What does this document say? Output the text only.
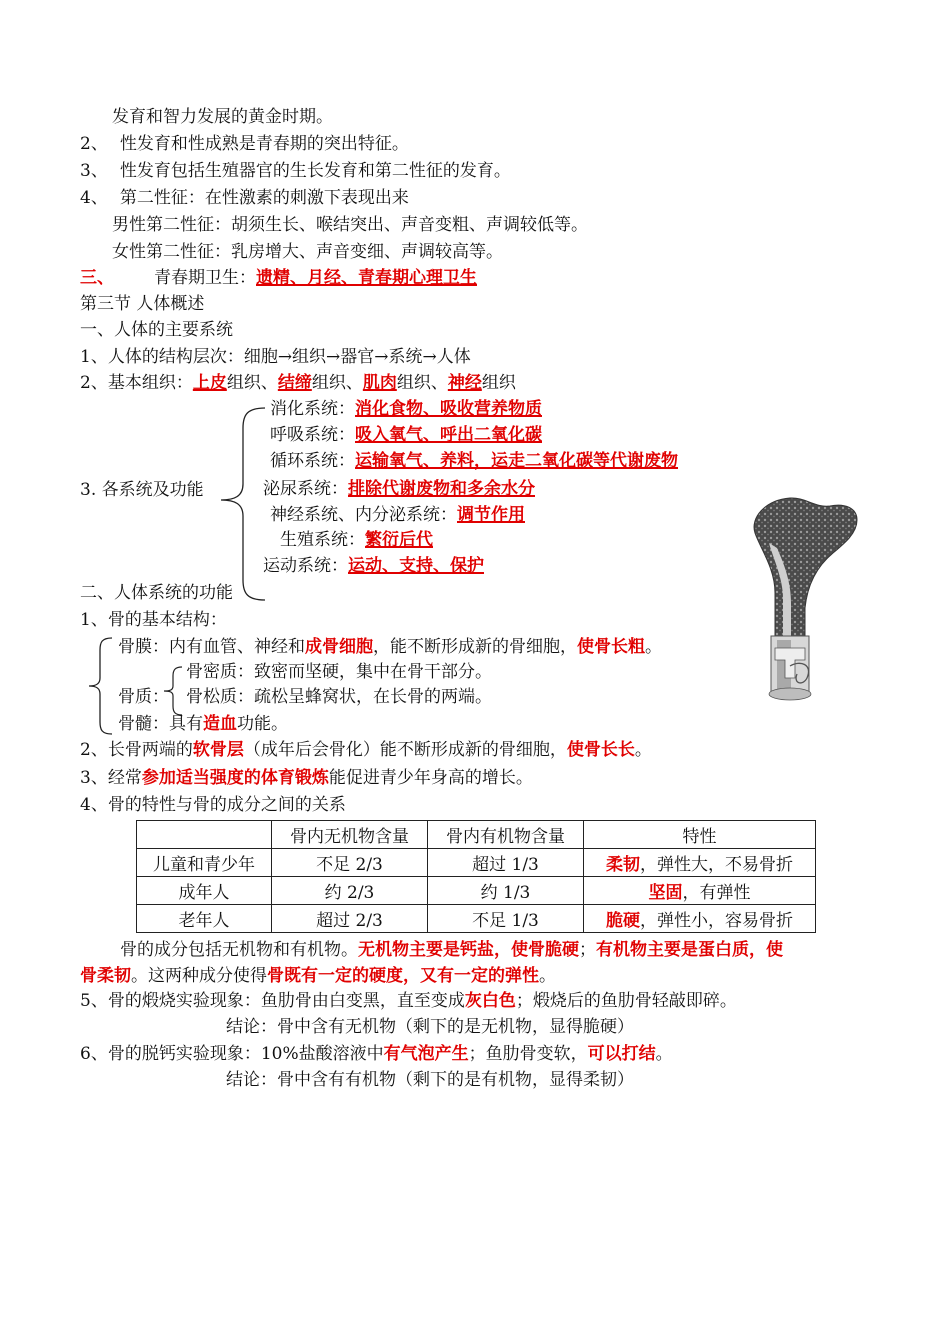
发育和智力发展的黄金时期。
2、 性发育和性成熟是青春期的突出特征。
3、 性发育包括生殖器官的生长发育和第二性征的发育。
4、 第二性征：在性激素的刺激下表现出来
男性第二性征：胡须生长、喉结突出、声音变粗、声调较低等。
女性第二性征：乳房增大、声音变细、声调较高等。
三、 青春期卫生：遗精、月经、青春期心理卫生
第三节 人体概述
一、人体的主要系统
1、人体的结构层次：细胞→组织→器官→系统→人体
2、基本组织：上皮组织、结缔组织、肌肉组织、神经组织
3. 各系统及功能
消化系统：消化食物、吸收营养物质
呼吸系统：吸入氧气、呼出二氧化碳
循环系统：运输氧气、养料，运走二氧化碳等代谢废物
泌尿系统：排除代谢废物和多余水分
神经系统、内分泌系统：调节作用
生殖系统：繁衍后代
运动系统：运动、支持、保护
二、人体系统的功能
1、骨的基本结构：
骨膜：内有血管、神经和成骨细胞，能不断形成新的骨细胞，使骨长粗。
骨密质：致密而坚硬，集中在骨干部分。
骨质： 骨松质：疏松呈蜂窝状，在长骨的两端。
骨髓：具有造血功能。
2、长骨两端的软骨层（成年后会骨化）能不断形成新的骨细胞，使骨长长。
3、经常参加适当强度的体育锻炼能促进青少年身高的增长。
4、骨的特性与骨的成分之间的关系
	骨内无机物含量	骨内有机物含量	特性
儿童和青少年	不足 2/3	超过 1/3	柔韧，弹性大，不易骨折
成年人	约 2/3	约 1/3	坚固，有弹性
老年人	超过 2/3	不足 1/3	脆硬，弹性小，容易骨折
骨的成分包括无机物和有机物。无机物主要是钙盐，使骨脆硬；有机物主要是蛋白质，使
骨柔韧。这两种成分使得骨既有一定的硬度，又有一定的弹性。
5、骨的煅烧实验现象：鱼肋骨由白变黑，直至变成灰白色；煅烧后的鱼肋骨轻敲即碎。
结论：骨中含有无机物（剩下的是无机物，显得脆硬）
6、骨的脱钙实验现象：10%盐酸溶液中有气泡产生；鱼肋骨变软，可以打结。
结论：骨中含有有机物（剩下的是有机物，显得柔韧）
